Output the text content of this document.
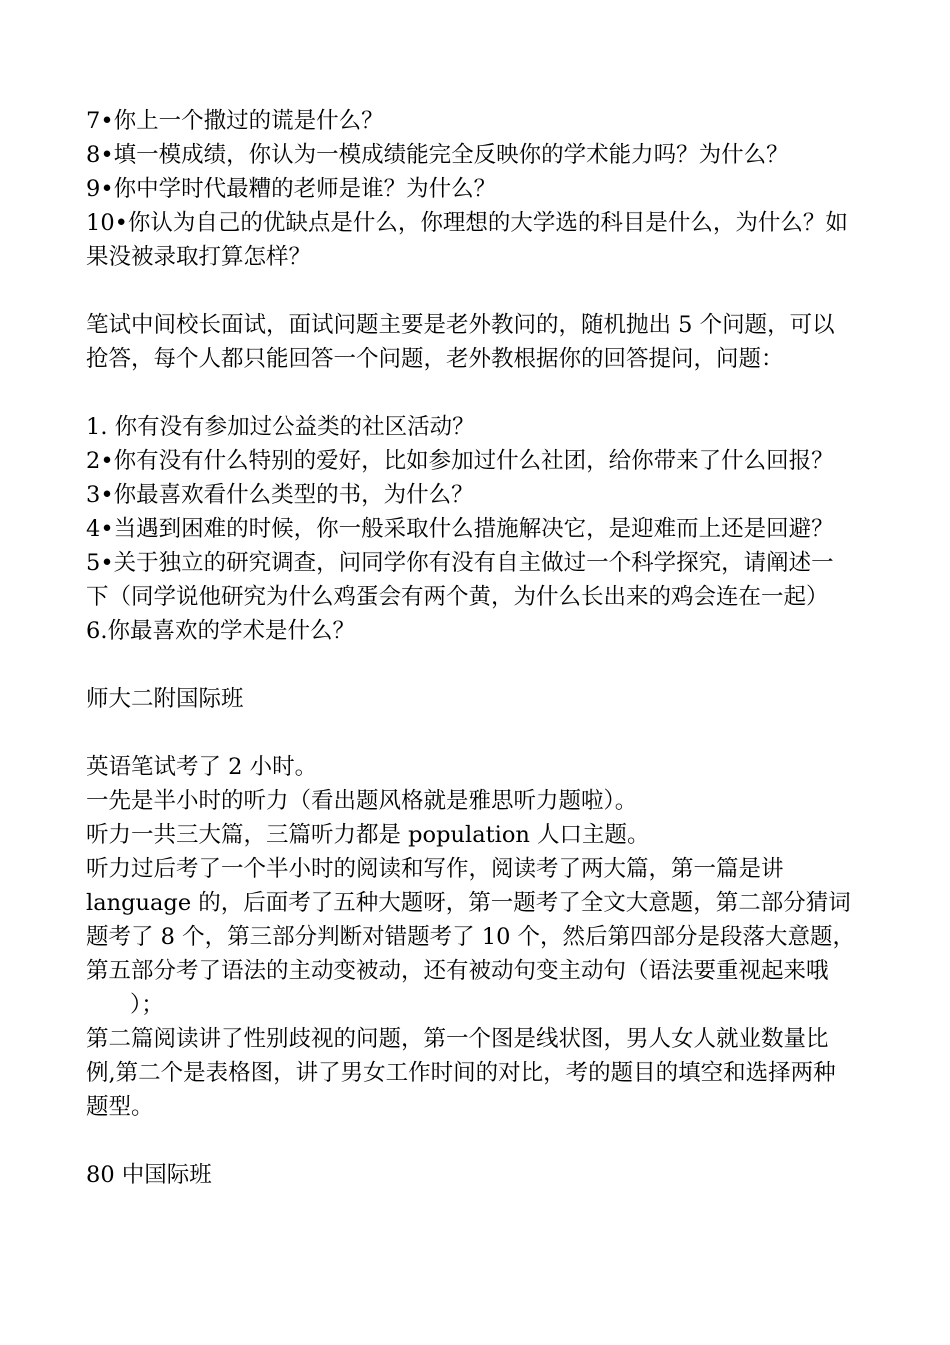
7•你上一个撒过的谎是什么？
8•填一模成绩，你认为一模成绩能完全反映你的学术能力吗？为什么？
9•你中学时代最糟的老师是谁？为什么？
10•你认为自己的优缺点是什么，你理想的大学选的科目是什么，为什么？如
果没被录取打算怎样？
笔试中间校长面试，面试问题主要是老外教问的，随机抛出 5 个问题，可以
抢答，每个人都只能回答一个问题，老外教根据你的回答提问，问题：
1. 你有没有参加过公益类的社区活动？
2•你有没有什么特别的爱好，比如参加过什么社团，给你带来了什么回报？
3•你最喜欢看什么类型的书，为什么？
4•当遇到困难的时候，你一般采取什么措施解决它，是迎难而上还是回避？
5•关于独立的研究调查，问同学你有没有自主做过一个科学探究，请阐述一
下（同学说他研究为什么鸡蛋会有两个黄，为什么长出来的鸡会连在一起）
6.你最喜欢的学术是什么？
师大二附国际班
英语笔试考了 2 小时。
一先是半小时的听力（看出题风格就是雅思听力题啦）。
听力一共三大篇，三篇听力都是 population 人口主题。
听力过后考了一个半小时的阅读和写作，阅读考了两大篇，第一篇是讲
language 的，后面考了五种大题呀，第一题考了全文大意题，第二部分猜词
题考了 8 个，第三部分判断对错题考了 10 个，然后第四部分是段落大意题，
第五部分考了语法的主动变被动，还有被动句变主动句（语法要重视起来哦
）；
第二篇阅读讲了性别歧视的问题，第一个图是线状图，男人女人就业数量比
例,第二个是表格图，讲了男女工作时间的对比，考的题目的填空和选择两种
题型。
80 中国际班
